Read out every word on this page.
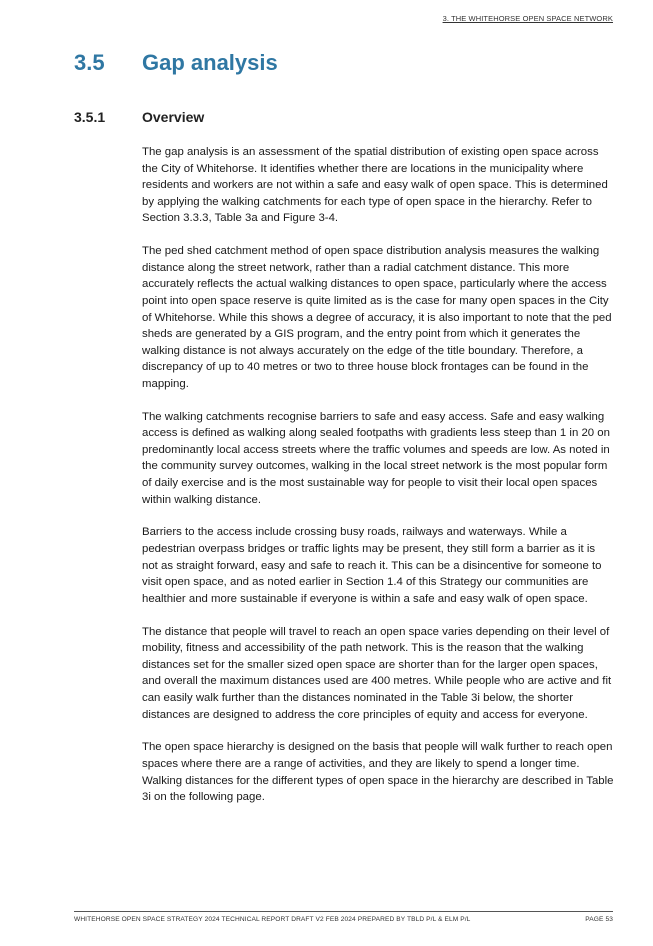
3. THE WHITEHORSE OPEN SPACE NETWORK
3.5	Gap analysis
3.5.1	Overview

The gap analysis is an assessment of the spatial distribution of existing open space across the City of Whitehorse. It identifies whether there are locations in the municipality where residents and workers are not within a safe and easy walk of open space. This is determined by applying the walking catchments for each type of open space in the hierarchy. Refer to Section 3.3.3, Table 3a and Figure 3-4.

The ped shed catchment method of open space distribution analysis measures the walking distance along the street network, rather than a radial catchment distance. This more accurately reflects the actual walking distances to open space, particularly where the access point into open space reserve is quite limited as is the case for many open spaces in the City of Whitehorse. While this shows a degree of accuracy, it is also important to note that the ped sheds are generated by a GIS program, and the entry point from which it generates the walking distance is not always accurately on the edge of the title boundary. Therefore, a discrepancy of up to 40 metres or two to three house block frontages can be found in the mapping.

The walking catchments recognise barriers to safe and easy access. Safe and easy walking access is defined as walking along sealed footpaths with gradients less steep than 1 in 20 on predominantly local access streets where the traffic volumes and speeds are low. As noted in the community survey outcomes, walking in the local street network is the most popular form of daily exercise and is the most sustainable way for people to visit their local open spaces within walking distance.

Barriers to the access include crossing busy roads, railways and waterways. While a pedestrian overpass bridges or traffic lights may be present, they still form a barrier as it is not as straight forward, easy and safe to reach it. This can be a disincentive for someone to visit open space, and as noted earlier in Section 1.4 of this Strategy our communities are healthier and more sustainable if everyone is within a safe and easy walk of open space.

The distance that people will travel to reach an open space varies depending on their level of mobility, fitness and accessibility of the path network. This is the reason that the walking distances set for the smaller sized open space are shorter than for the larger open spaces, and overall the maximum distances used are 400 metres. While people who are active and fit can easily walk further than the distances nominated in the Table 3i below, the shorter distances are designed to address the core principles of equity and access for everyone.

The open space hierarchy is designed on the basis that people will walk further to reach open spaces where there are a range of activities, and they are likely to spend a longer time. Walking distances for the different types of open space in the hierarchy are described in Table 3i on the following page.

WHITEHORSE OPEN SPACE STRATEGY 2024 TECHNICAL REPORT DRAFT V2 FEB 2024 PREPARED BY TBLD P/L & ELM P/L	PAGE 53
